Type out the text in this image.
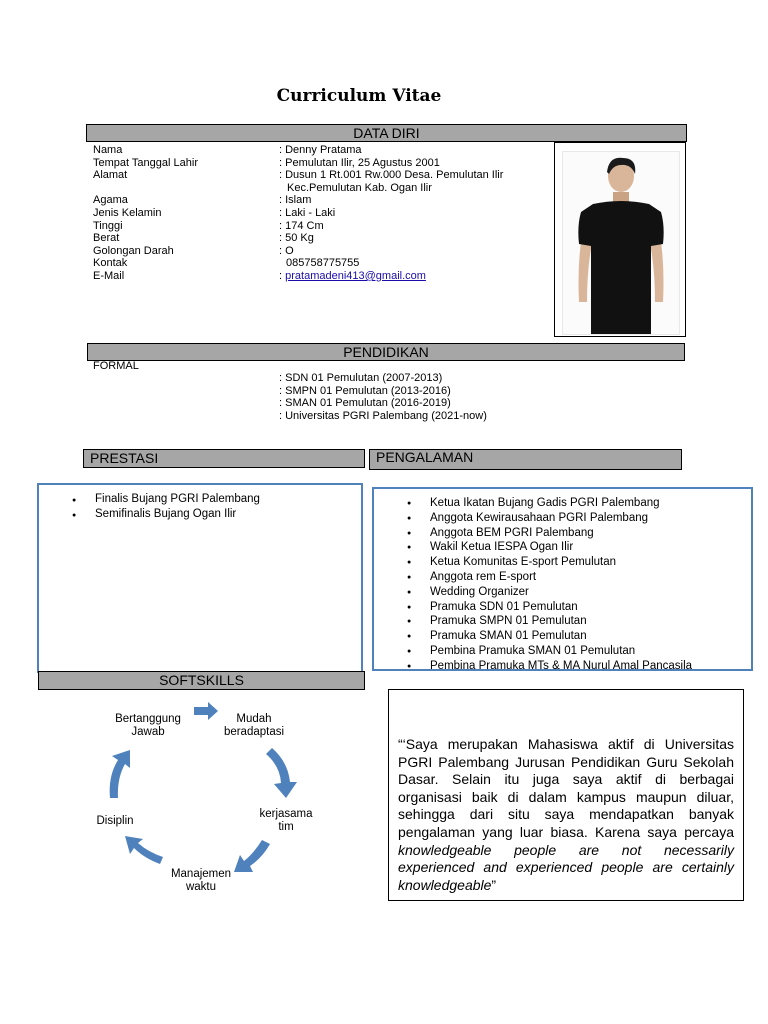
Curriculum Vitae
DATA DIRI
Nama
Tempat Tanggal Lahir
Alamat

Agama
Jenis Kelamin
Tinggi
Berat
Golongan Darah
Kontak
E-Mail
: Denny Pratama
: Pemulutan Ilir, 25 Agustus 2001
: Dusun 1 Rt.001 Rw.000 Desa. Pemulutan Ilir
Kec.Pemulutan Kab. Ogan Ilir
: Islam
: Laki - Laki
: 174 Cm
: 50 Kg
: O
085758775755
: pratamadeni413@gmail.com
PENDIDIKAN
FORMAL
: SDN 01 Pemulutan (2007-2013)
: SMPN 01 Pemulutan (2013-2016)
: SMAN 01 Pemulutan (2016-2019)
: Universitas PGRI Palembang (2021-now)
PRESTASI	PENGALAMAN
● Finalis Bujang PGRI Palembang
● Semifinalis Bujang Ogan Ilir
● Ketua Ikatan Bujang Gadis PGRI Palembang
● Anggota Kewirausahaan PGRI Palembang
● Anggota BEM PGRI Palembang
● Wakil Ketua IESPA Ogan Ilir
● Ketua Komunitas E-sport Pemulutan
● Anggota rem E-sport
● Wedding Organizer
● Pramuka SDN 01 Pemulutan
● Pramuka SMPN 01 Pemulutan
● Pramuka SMAN 01 Pemulutan
● Pembina Pramuka SMAN 01 Pemulutan
● Pembina Pramuka MTs & MA Nurul Amal Pancasila
SOFTSKILLS
Bertanggung
Jawab
Mudah
beradaptasi
kerjasama
tim
Manajemen
waktu
Disiplin
“‘Saya merupakan Mahasiswa aktif di Universitas PGRI Palembang Jurusan Pendidikan Guru Sekolah Dasar. Selain itu juga saya aktif di berbagai organisasi baik di dalam kampus maupun diluar, sehingga dari situ saya mendapatkan banyak pengalaman yang luar biasa. Karena saya percaya knowledgeable people are not necessarily experienced and experienced people are certainly knowledgeable”
